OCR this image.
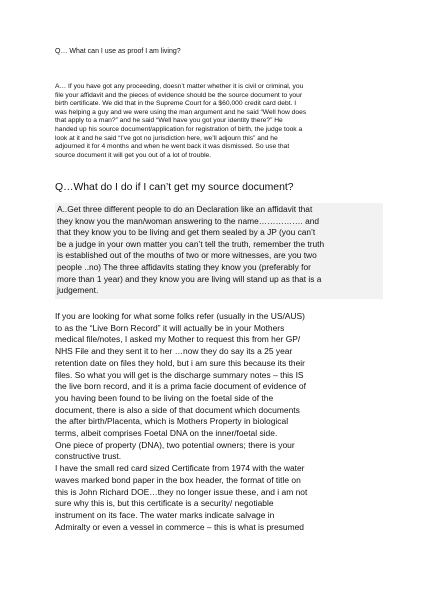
Q… What can I use as proof I am living?
A… If you have got any proceeding, doesn’t matter whether it is civil or criminal, you
file your affidavit and the pieces of evidence should be the source document to your
birth certificate. We did that in the Supreme Court for a $60,000 credit card debt. I
was helping a guy and we were using the man argument and he said “Well how does
that apply to a man?” and he said “Well have you got your identity there?” He
handed up his source document/application for registration of birth, the judge took a
look at it and he said “I’ve got no jurisdiction here, we’ll adjourn this” and he
adjourned it for 4 months and when he went back it was dismissed. So use that
source document it will get you out of a lot of trouble.
Q…What do I do if I can’t get my source document?
A..Get three different people to do an Declaration like an affidavit that
they know you the man/woman answering to the name……………. and
that they know you to be living and get them sealed by a JP (you can’t
be a judge in your own matter you can’t tell the truth, remember the truth
is established out of the mouths of two or more witnesses, are you two
people ..no) The three affidavits stating they know you (preferably for
more than 1 year) and they know you are living will stand up as that is a
judgement.
If you are looking for what some folks refer (usually in the US/AUS)
to as the “Live Born Record” it will actually be in your Mothers
medical file/notes, I asked my Mother to request this from her GP/
NHS File and they sent it to her …now they do say its a 25 year
retention date on files they hold, but i am sure this because its their
files. So what you will get is the discharge summary notes – this IS
the live born record, and it is a prima facie document of evidence of
you having been found to be living on the foetal side of the
document, there is also a side of that document which documents
the after birth/Placenta, which is Mothers Property in biological
terms, albeit comprises Foetal DNA on the inner/foetal side.
One piece of property (DNA), two potential owners; there is your
constructive trust.
I have the small red card sized Certificate from 1974 with the water
waves marked bond paper in the box header, the format of title on
this is John Richard DOE…they no longer issue these, and i am not
sure why this is, but this certificate is a security/ negotiable
instrument on its face. The water marks indicate salvage in
Admiralty or even a vessel in commerce – this is what is presumed
